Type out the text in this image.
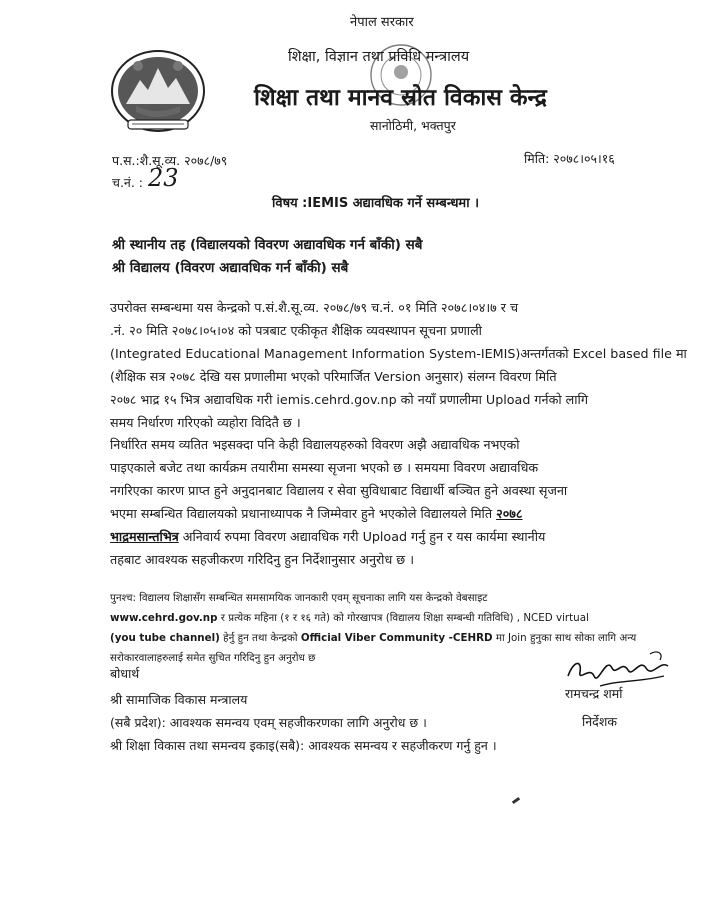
नेपाल सरकार
शिक्षा, विज्ञान तथा प्रविधि मन्त्रालय
शिक्षा तथा मानव स्रोत विकास केन्द्र
सानोठिमी, भक्तपुर
प.स.:शै.सू.व्य. २०७८/७९	मिति: २०७८।०५।१६
च.नं. : 23
विषय :IEMIS अद्यावधिक गर्ने सम्बन्धमा ।
श्री स्थानीय तह (विद्यालयको विवरण अद्यावधिक गर्न बाँकी) सबै
श्री विद्यालय (विवरण अद्यावधिक गर्न बाँकी) सबै
उपरोक्त सम्बन्धमा यस केन्द्रको प.सं.शै.सू.व्य. २०७८/७९ च.नं. ०१ मिति २०७८।०४।७ र च
.नं. २० मिति २०७८।०५।०४ को पत्रबाट एकीकृत शैक्षिक व्यवस्थापन सूचना प्रणाली
(Integrated Educational Management Information System-IEMIS)अन्तर्गतको Excel based file मा
(शैक्षिक सत्र २०७८ देखि यस प्रणालीमा भएको परिमार्जित Version अनुसार) संलग्न विवरण मिति
२०७८ भाद्र १५ भित्र अद्यावधिक गरी iemis.cehrd.gov.np को नयाँ प्रणालीमा Upload गर्नको लागि
समय निर्धारण गरिएको व्यहोरा विदितै छ ।
निर्धारित समय व्यतित भइसक्दा पनि केही विद्यालयहरुको विवरण अझै अद्यावधिक नभएको
पाइएकाले बजेट तथा कार्यक्रम तयारीमा समस्या सृजना भएको छ । समयमा विवरण अद्यावधिक
नगरिएका कारण प्राप्त हुने अनुदानबाट विद्यालय र सेवा सुविधाबाट विद्यार्थी बञ्चित हुने अवस्था सृजना
भएमा सम्बन्धित विद्यालयको प्रधानाध्यापक नै जिम्मेवार हुने भएकोले विद्यालयले मिति २०७८
भाद्रमसान्तभित्र अनिवार्य रुपमा विवरण अद्यावधिक गरी Upload गर्नु हुन र यस कार्यमा स्थानीय
तहबाट आवश्यक सहजीकरण गरिदिनु हुन निर्देशानुसार अनुरोध छ ।
पुनश्च: विद्यालय शिक्षासँग सम्बन्धित समसामयिक जानकारी एवम् सूचनाका लागि यस केन्द्रको वेबसाइट
www.cehrd.gov.np र प्रत्येक महिना (१ र १६ गते) को गोरखापत्र (विद्यालय शिक्षा सम्बन्धी गतिविधि) , NCED virtual
(you tube channel) हेर्नु हुन तथा केन्द्रको Official Viber Community -CEHRD मा Join हुनुका साथ सोका लागि अन्य
सरोकारवालाहरुलाई समेत सुचित गरिदिनु हुन अनुरोध छ
बोधार्थ
श्री सामाजिक विकास मन्त्रालय
(सबै प्रदेश): आवश्यक समन्वय एवम् सहजीकरणका लागि अनुरोध छ ।
श्री शिक्षा विकास तथा समन्वय इकाइ(सबै): आवश्यक समन्वय र सहजीकरण गर्नु हुन ।
रामचन्द्र शर्मा
निर्देशक
